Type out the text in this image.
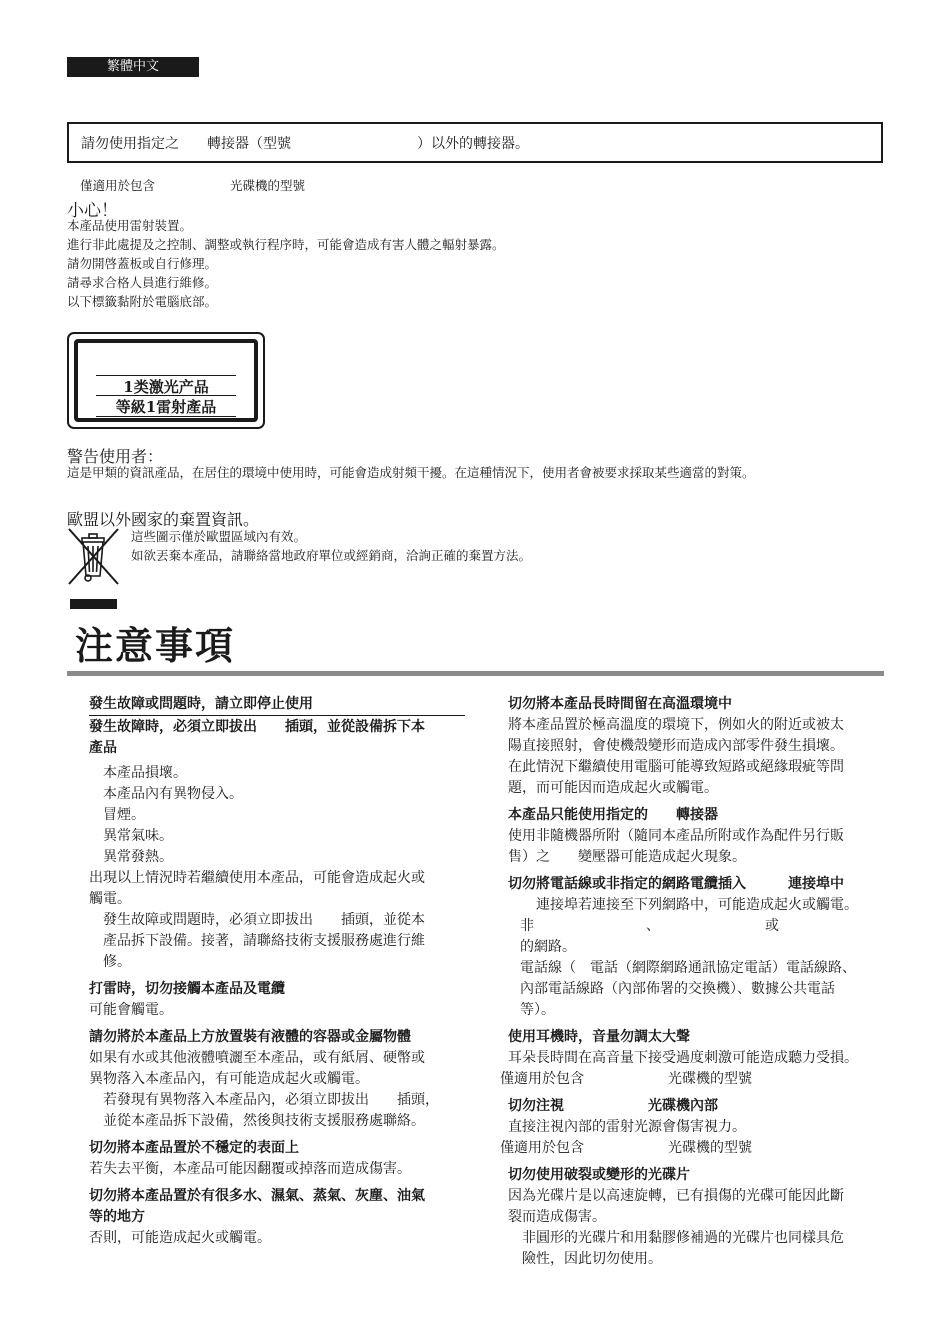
繁體中文
請勿使用指定之　　轉接器（型號　　　　　　　　　）以外的轉接器。
僅適用於包含　　　　　　光碟機的型號
小心！
本產品使用雷射裝置。
進行非此處提及之控制、調整或執行程序時，可能會造成有害人體之輻射暴露。
請勿開啓蓋板或自行修理。
請尋求合格人員進行維修。
以下標籤黏附於電腦底部。
1类激光产品
等級1雷射產品
警告使用者：
這是甲類的資訊產品，在居住的環境中使用時，可能會造成射頻干擾。在這種情況下，使用者會被要求採取某些適當的對策。
歐盟以外國家的棄置資訊。
這些圖示僅於歐盟區域內有效。
如欲丟棄本產品，請聯絡當地政府單位或經銷商，洽詢正確的棄置方法。
注意事項
發生故障或問題時，請立即停止使用
發生故障時，必須立即拔出　　插頭，並從設備拆下本
產品
本產品損壞。
本產品內有異物侵入。
冒煙。
異常氣味。
異常發熱。
出現以上情況時若繼續使用本產品，可能會造成起火或
觸電。
發生故障或問題時，必須立即拔出　　插頭，並從本
產品拆下設備。接著，請聯絡技術支援服務處進行維
修。
打雷時，切勿接觸本產品及電纜
可能會觸電。
請勿將於本產品上方放置裝有液體的容器或金屬物體
如果有水或其他液體噴灑至本產品，或有紙屑、硬幣或
異物落入本產品內，有可能造成起火或觸電。
若發現有異物落入本產品內，必須立即拔出　　插頭，
並從本產品拆下設備，然後與技術支援服務處聯絡。
切勿將本產品置於不穩定的表面上
若失去平衡，本產品可能因翻覆或掉落而造成傷害。
切勿將本產品置於有很多水、濕氣、蒸氣、灰塵、油氣
等的地方
否則，可能造成起火或觸電。
切勿將本產品長時間留在高溫環境中
將本產品置於極高溫度的環境下，例如火的附近或被太
陽直接照射，會使機殼變形而造成內部零件發生損壞。
在此情況下繼續使用電腦可能導致短路或絕緣瑕疵等問
題，而可能因而造成起火或觸電。
本產品只能使用指定的　　轉接器
使用非隨機器所附（隨同本產品所附或作為配件另行販
售）之　　變壓器可能造成起火現象。
切勿將電話線或非指定的網路電纜插入　　　連接埠中
　　連接埠若連接至下列網路中，可能造成起火或觸電。
非　　　　　　　　、　　　　　　　　或
的網路。
電話線（　電話（網際網路通訊協定電話）電話線路、
內部電話線路（內部佈署的交換機）、數據公共電話
等）。
使用耳機時，音量勿調太大聲
耳朵長時間在高音量下接受過度刺激可能造成聽力受損。
僅適用於包含　　　　　　光碟機的型號
切勿注視　　　　　　光碟機內部
直接注視內部的雷射光源會傷害視力。
僅適用於包含　　　　　　光碟機的型號
切勿使用破裂或變形的光碟片
因為光碟片是以高速旋轉，已有損傷的光碟可能因此斷
裂而造成傷害。
非圓形的光碟片和用黏膠修補過的光碟片也同樣具危
險性，因此切勿使用。
